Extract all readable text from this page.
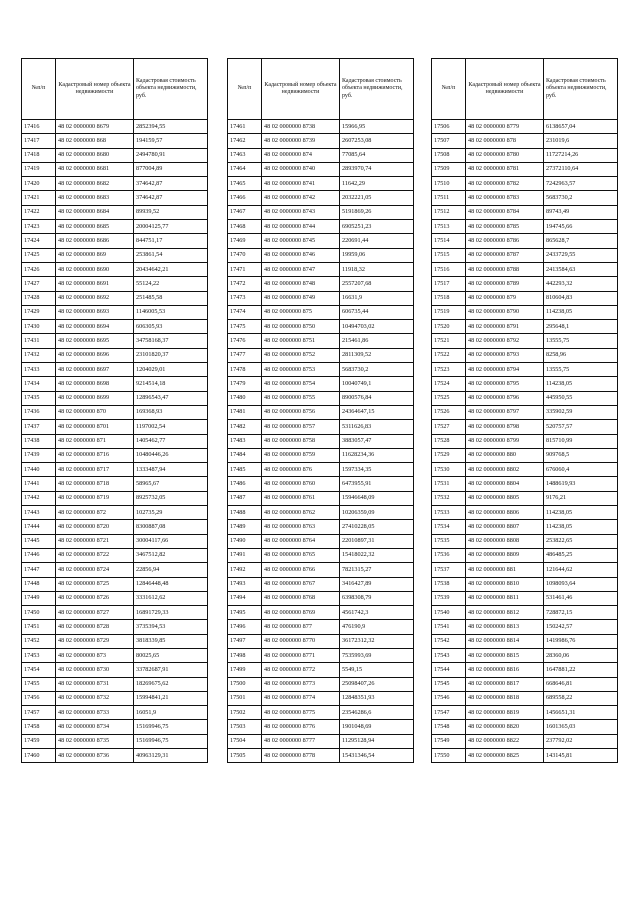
№п/п	Кадастровый номер объекта недвижимости	Кадастровая стоимость объекта недвижимости, руб.
17416	48 02 0000000 8679	2852394,55
17417	48 02 0000000 868	194159,57
17418	48 02 0000000 8680	2494780,91
17419	48 02 0000000 8681	877004,89
17420	48 02 0000000 8682	374642,87
17421	48 02 0000000 8683	374642,87
17422	48 02 0000000 8684	89939,52
17423	48 02 0000000 8685	20004125,77
17424	48 02 0000000 8686	844751,17
17425	48 02 0000000 869	253861,54
17426	48 02 0000000 8690	20434642,21
17427	48 02 0000000 8691	55124,22
17428	48 02 0000000 8692	251485,58
17429	48 02 0000000 8693	1146005,53
17430	48 02 0000000 8694	606305,93
17431	48 02 0000000 8695	34758168,37
17432	48 02 0000000 8696	23101820,37
17433	48 02 0000000 8697	1204029,01
17434	48 02 0000000 8698	9214514,18
17435	48 02 0000000 8699	12896543,47
17436	48 02 0000000 870	169368,93
17437	48 02 0000000 8701	1197002,54
17438	48 02 0000000 871	1405462,77
17439	48 02 0000000 8716	10480446,26
17440	48 02 0000000 8717	1333487,94
17441	48 02 0000000 8718	58965,67
17442	48 02 0000000 8719	8925732,05
17443	48 02 0000000 872	102735,29
17444	48 02 0000000 8720	8300887,08
17445	48 02 0000000 8721	30004117,66
17446	48 02 0000000 8722	3467512,82
17447	48 02 0000000 8724	22856,94
17448	48 02 0000000 8725	12846448,48
17449	48 02 0000000 8726	3331612,62
17450	48 02 0000000 8727	16891729,33
17451	48 02 0000000 8728	3735394,53
17452	48 02 0000000 8729	3818339,85
17453	48 02 0000000 873	80025,65
17454	48 02 0000000 8730	33782687,91
17455	48 02 0000000 8731	18269675,62
17456	48 02 0000000 8732	15994841,21
17457	48 02 0000000 8733	16051,9
17458	48 02 0000000 8734	15169946,75
17459	48 02 0000000 8735	15169946,75
17460	48 02 0000000 8736	40963129,31
№п/п	Кадастровый номер объекта недвижимости	Кадастровая стоимость объекта недвижимости, руб.
17461	48 02 0000000 8738	15966,95
17462	48 02 0000000 8739	2607253,08
17463	48 02 0000000 874	77085,64
17464	48 02 0000000 8740	2893970,74
17465	48 02 0000000 8741	11642,29
17466	48 02 0000000 8742	2032221,05
17467	48 02 0000000 8743	5191869,26
17468	48 02 0000000 8744	6905251,23
17469	48 02 0000000 8745	220691,44
17470	48 02 0000000 8746	19959,06
17471	48 02 0000000 8747	11918,32
17472	48 02 0000000 8748	2557207,68
17473	48 02 0000000 8749	16631,9
17474	48 02 0000000 875	606735,44
17475	48 02 0000000 8750	10494703,02
17476	48 02 0000000 8751	215461,86
17477	48 02 0000000 8752	2811309,52
17478	48 02 0000000 8753	5683730,2
17479	48 02 0000000 8754	10040749,1
17480	48 02 0000000 8755	8900576,84
17481	48 02 0000000 8756	24364647,15
17482	48 02 0000000 8757	5311626,83
17483	48 02 0000000 8758	3883057,47
17484	48 02 0000000 8759	11628234,36
17485	48 02 0000000 876	1597334,35
17486	48 02 0000000 8760	6473955,91
17487	48 02 0000000 8761	15946648,09
17488	48 02 0000000 8762	10206359,09
17489	48 02 0000000 8763	27410228,05
17490	48 02 0000000 8764	22010897,31
17491	48 02 0000000 8765	15418022,32
17492	48 02 0000000 8766	7821315,27
17493	48 02 0000000 8767	3416427,89
17494	48 02 0000000 8768	6398308,79
17495	48 02 0000000 8769	4561742,3
17496	48 02 0000000 877	476190,9
17497	48 02 0000000 8770	36172312,32
17498	48 02 0000000 8771	7535993,69
17499	48 02 0000000 8772	5549,15
17500	48 02 0000000 8773	25098407,26
17501	48 02 0000000 8774	12848351,93
17502	48 02 0000000 8775	23546286,6
17503	48 02 0000000 8776	1901048,69
17504	48 02 0000000 8777	11295128,94
17505	48 02 0000000 8778	15431346,54
№п/п	Кадастровый номер объекта недвижимости	Кадастровая стоимость объекта недвижимости, руб.
17506	48 02 0000000 8779	6138657,04
17507	48 02 0000000 878	231019,6
17508	48 02 0000000 8780	11727214,26
17509	48 02 0000000 8781	27372110,64
17510	48 02 0000000 8782	7242963,57
17511	48 02 0000000 8783	5683730,2
17512	48 02 0000000 8784	89743,49
17513	48 02 0000000 8785	194745,66
17514	48 02 0000000 8786	865628,7
17515	48 02 0000000 8787	2433729,55
17516	48 02 0000000 8788	2413584,63
17517	48 02 0000000 8789	442293,32
17518	48 02 0000000 879	810604,83
17519	48 02 0000000 8790	114238,05
17520	48 02 0000000 8791	295648,1
17521	48 02 0000000 8792	13555,75
17522	48 02 0000000 8793	8258,96
17523	48 02 0000000 8794	13555,75
17524	48 02 0000000 8795	114238,05
17525	48 02 0000000 8796	445950,55
17526	48 02 0000000 8797	335902,59
17527	48 02 0000000 8798	520757,57
17528	48 02 0000000 8799	815710,99
17529	48 02 0000000 880	909768,5
17530	48 02 0000000 8802	676060,4
17531	48 02 0000000 8804	1488619,93
17532	48 02 0000000 8805	9176,21
17533	48 02 0000000 8806	114238,05
17534	48 02 0000000 8807	114238,05
17535	48 02 0000000 8808	253822,65
17536	48 02 0000000 8809	486485,25
17537	48 02 0000000 881	121644,62
17538	48 02 0000000 8810	1098093,64
17539	48 02 0000000 8811	531461,46
17540	48 02 0000000 8812	728872,15
17541	48 02 0000000 8813	150242,57
17542	48 02 0000000 8814	1419986,76
17543	48 02 0000000 8815	28360,06
17544	48 02 0000000 8816	1647881,22
17545	48 02 0000000 8817	668646,81
17546	48 02 0000000 8818	689558,22
17547	48 02 0000000 8819	1456651,31
17548	48 02 0000000 8820	1601365,03
17549	48 02 0000000 8822	237792,02
17550	48 02 0000000 8825	143145,81
